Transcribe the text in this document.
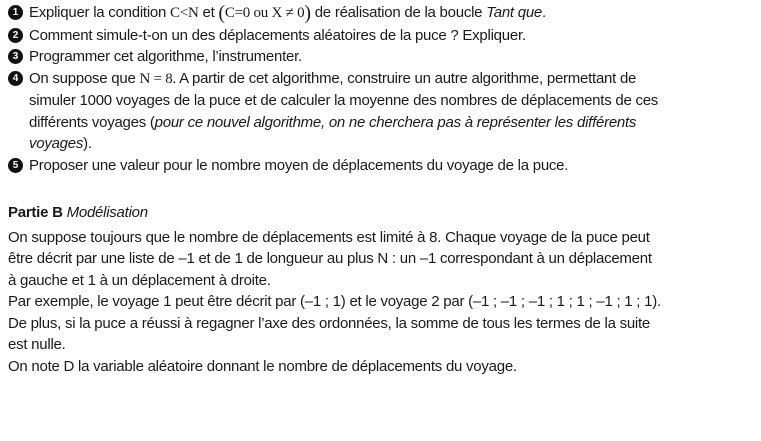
1 Expliquer la condition C<N et (C=0 ou X ≠ 0) de réalisation de la boucle Tant que.
2 Comment simule-t-on un des déplacements aléatoires de la puce ? Expliquer.
3 Programmer cet algorithme, l’instrumenter.
4 On suppose que N = 8. A partir de cet algorithme, construire un autre algorithme, permettant de
simuler 1000 voyages de la puce et de calculer la moyenne des nombres de déplacements de ces
différents voyages (pour ce nouvel algorithme, on ne cherchera pas à représenter les différents
voyages).
5 Proposer une valeur pour le nombre moyen de déplacements du voyage de la puce.
Partie B Modélisation

On suppose toujours que le nombre de déplacements est limité à 8. Chaque voyage de la puce peut

être décrit par une liste de –1 et de 1 de longueur au plus N : un –1 correspondant à un déplacement

à gauche et 1 à un déplacement à droite.

Par exemple, le voyage 1 peut être décrit par (–1 ; 1) et le voyage 2 par (–1 ; –1 ; –1 ; 1 ; 1 ; –1 ; 1 ; 1).

De plus, si la puce a réussi à regagner l’axe des ordonnées, la somme de tous les termes de la suite

est nulle.

On note D la variable aléatoire donnant le nombre de déplacements du voyage.
